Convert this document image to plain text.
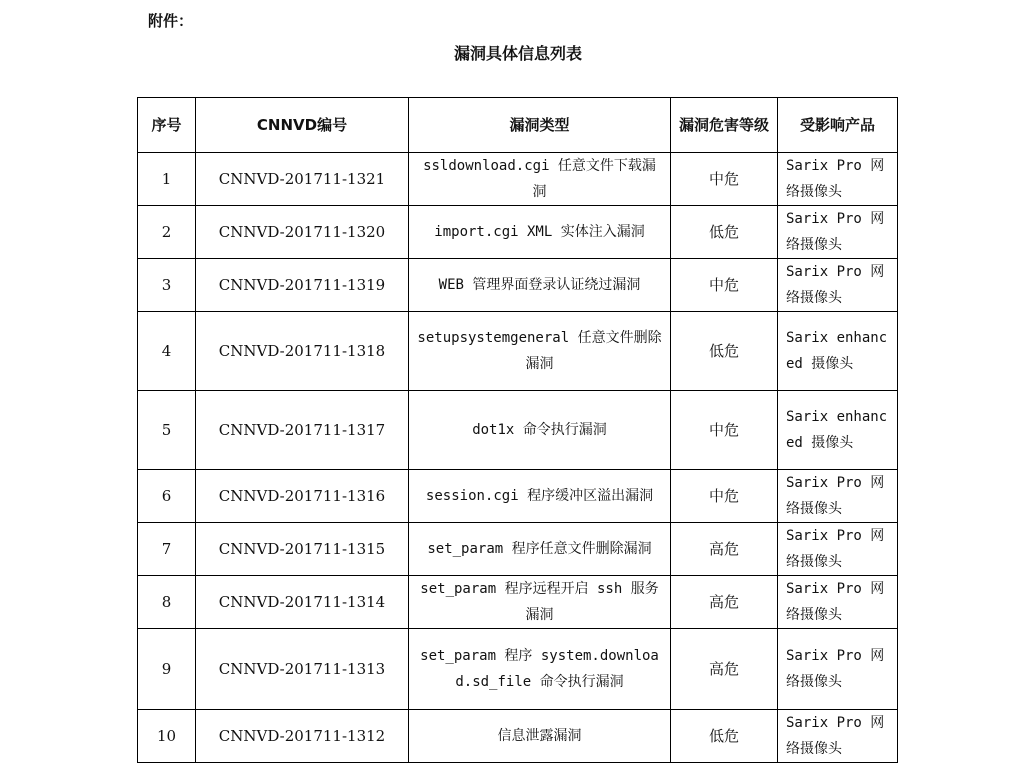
附件：
漏洞具体信息列表
序号	CNNVD编号	漏洞类型	漏洞危害等级	受影响产品
1	CNNVD-201711-1321	ssldownload.cgi 任意文件下载漏洞	中危	Sarix Pro 网络摄像头
2	CNNVD-201711-1320	import.cgi XML 实体注入漏洞	低危	Sarix Pro 网络摄像头
3	CNNVD-201711-1319	WEB 管理界面登录认证绕过漏洞	中危	Sarix Pro 网络摄像头
4	CNNVD-201711-1318	setupsystemgeneral 任意文件删除漏洞	低危	Sarix enhanced 摄像头
5	CNNVD-201711-1317	dot1x 命令执行漏洞	中危	Sarix enhanced 摄像头
6	CNNVD-201711-1316	session.cgi 程序缓冲区溢出漏洞	中危	Sarix Pro 网络摄像头
7	CNNVD-201711-1315	set_param 程序任意文件删除漏洞	高危	Sarix Pro 网络摄像头
8	CNNVD-201711-1314	set_param 程序远程开启 ssh 服务漏洞	高危	Sarix Pro 网络摄像头
9	CNNVD-201711-1313	set_param 程序 system.download.sd_file 命令执行漏洞	高危	Sarix Pro 网络摄像头
10	CNNVD-201711-1312	信息泄露漏洞	低危	Sarix Pro 网络摄像头
